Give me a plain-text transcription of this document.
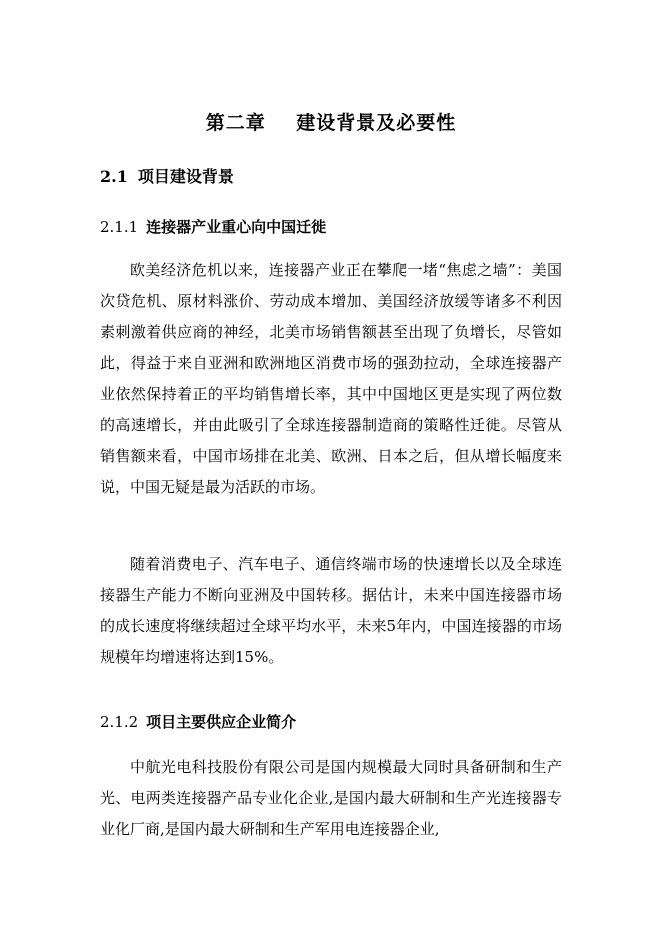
第二章    建设背景及必要性
2.1 项目建设背景
2.1.1 连接器产业重心向中国迁徙

欧美经济危机以来，连接器产业正在攀爬一堵“焦虑之墙”：美国次贷危机、原材料涨价、劳动成本增加、美国经济放缓等诸多不利因素刺激着供应商的神经，北美市场销售额甚至出现了负增长，尽管如此，得益于来自亚洲和欧洲地区消费市场的强劲拉动，全球连接器产业依然保持着正的平均销售增长率，其中中国地区更是实现了两位数的高速增长，并由此吸引了全球连接器制造商的策略性迁徙。尽管从销售额来看，中国市场排在北美、欧洲、日本之后，但从增长幅度来说，中国无疑是最为活跃的市场。

随着消费电子、汽车电子、通信终端市场的快速增长以及全球连接器生产能力不断向亚洲及中国转移。据估计，未来中国连接器市场的成长速度将继续超过全球平均水平，未来5年内，中国连接器的市场规模年均增速将达到15%。

2.1.2 项目主要供应企业简介

中航光电科技股份有限公司是国内规模最大同时具备研制和生产光、电两类连接器产品专业化企业,是国内最大研制和生产光连接器专业化厂商,是国内最大研制和生产军用电连接器企业,
